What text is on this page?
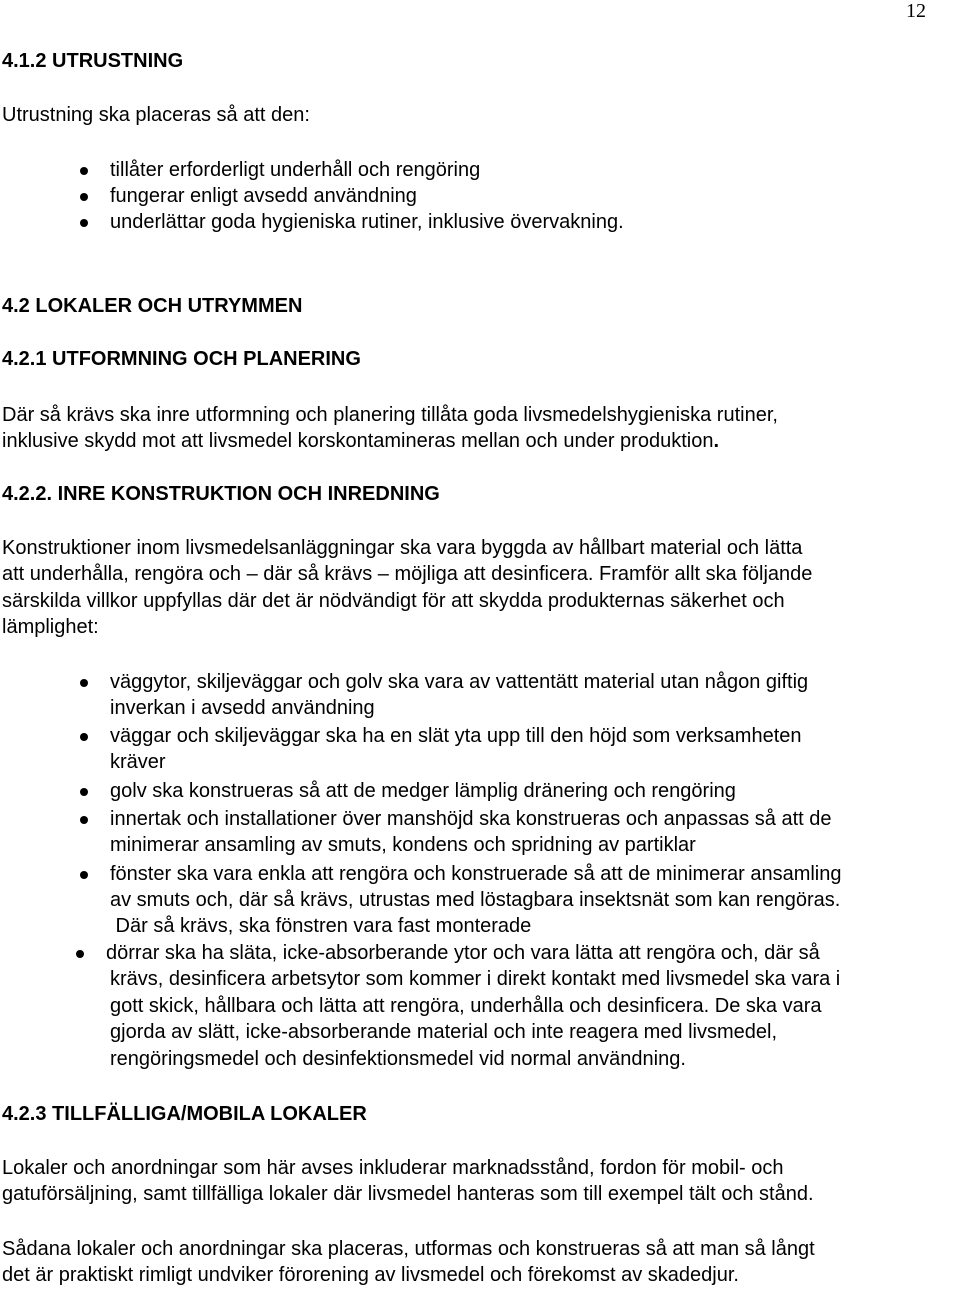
12
4.1.2 UTRUSTNING
Utrustning ska placeras så att den:
tillåter erforderligt underhåll och rengöring
fungerar enligt avsedd användning
underlättar goda hygieniska rutiner, inklusive övervakning.
4.2 LOKALER OCH UTRYMMEN
4.2.1 UTFORMNING OCH PLANERING
Där så krävs ska inre utformning och planering tillåta goda livsmedelshygieniska rutiner,
inklusive skydd mot att livsmedel korskontamineras mellan och under produktion.
4.2.2. INRE KONSTRUKTION OCH INREDNING
Konstruktioner inom livsmedelsanläggningar ska vara byggda av hållbart material och lätta
att underhålla, rengöra och – där så krävs – möjliga att desinficera. Framför allt ska följande
särskilda villkor uppfyllas där det är nödvändigt för att skydda produkternas säkerhet och
lämplighet:
väggytor, skiljeväggar och golv ska vara av vattentätt material utan någon giftig
inverkan i avsedd användning
väggar och skiljeväggar ska ha en slät yta upp till den höjd som verksamheten
kräver
golv ska konstrueras så att de medger lämplig dränering och rengöring
innertak och installationer över manshöjd ska konstrueras och anpassas så att de
minimerar ansamling av smuts, kondens och spridning av partiklar
fönster ska vara enkla att rengöra och konstruerade så att de minimerar ansamling
av smuts och, där så krävs, utrustas med löstagbara insektsnät som kan rengöras.
Där så krävs, ska fönstren vara fast monterade
dörrar ska ha släta, icke-absorberande ytor och vara lätta att rengöra och, där så
krävs, desinficera arbetsytor som kommer i direkt kontakt med livsmedel ska vara i
gott skick, hållbara och lätta att rengöra, underhålla och desinficera. De ska vara
gjorda av slätt, icke-absorberande material och inte reagera med livsmedel,
rengöringsmedel och desinfektionsmedel vid normal användning.
4.2.3 TILLFÄLLIGA/MOBILA LOKALER
Lokaler och anordningar som här avses inkluderar marknadsstånd, fordon för mobil- och
gatuförsäljning, samt tillfälliga lokaler där livsmedel hanteras som till exempel tält och stånd.
Sådana lokaler och anordningar ska placeras, utformas och konstrueras så att man så långt
det är praktiskt rimligt undviker förorening av livsmedel och förekomst av skadedjur.
